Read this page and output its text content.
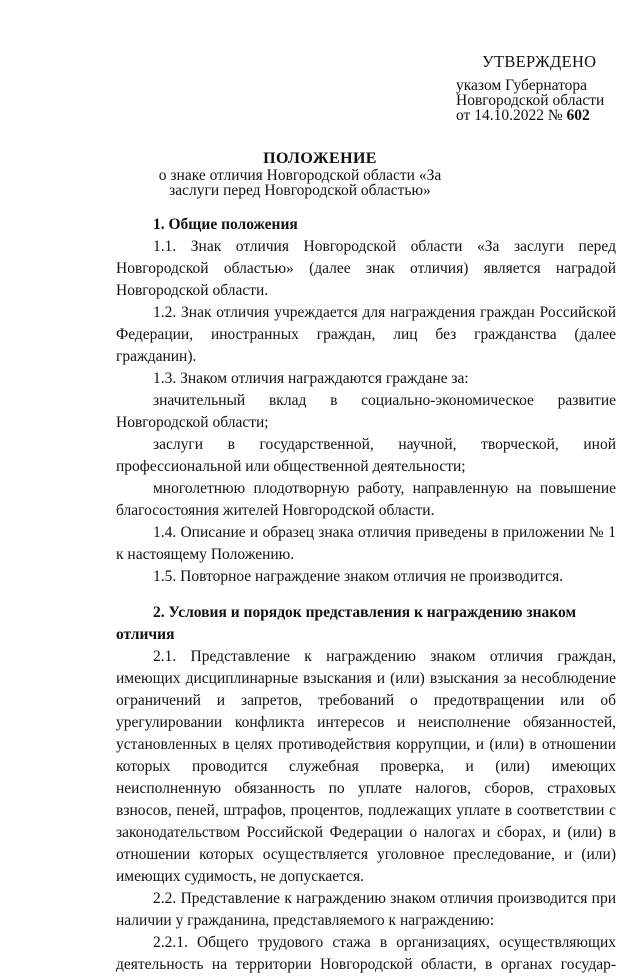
УТВЕРЖДЕНО
указом Губернатора
Новгородской области
от 14.10.2022 № 602
ПОЛОЖЕНИЕ
о знаке отличия Новгородской области «За заслуги перед Новгородской областью»

1. Общие положения

1.1. Знак отличия Новгородской области «За заслуги перед Новгородской областью» (далее знак отличия) является наградой Новгородской области.

1.2. Знак отличия учреждается для награждения граждан Российской Федерации, иностранных граждан, лиц без гражданства (далее гражданин).

1.3. Знаком отличия награждаются граждане за:

значительный вклад в социально-экономическое развитие Новгородской области;

заслуги в государственной, научной, творческой, иной профессиональной или общественной деятельности;

многолетнюю плодотворную работу, направленную на повышение благосостояния жителей Новгородской области.

1.4. Описание и образец знака отличия приведены в приложении № 1 к настоящему Положению.

1.5. Повторное награждение знаком отличия не производится.

2. Условия и порядок представления к награждению знаком отличия

2.1. Представление к награждению знаком отличия граждан, имеющих дисциплинарные взыскания и (или) взыскания за несоблюдение ограничений и запретов, требований о предотвращении или об урегулировании конфликта интересов и неисполнение обязанностей, установленных в целях противодействия коррупции, и (или) в отношении которых проводится служебная проверка, и (или) имеющих неисполненную обязанность по уплате налогов, сборов, страховых взносов, пеней, штрафов, процентов, подлежащих уплате в соответствии с законодательством Российской Федерации о налогах и сборах, и (или) в отношении которых осуществляется уголовное преследование, и (или) имеющих судимость, не допускается.

2.2. Представление к награждению знаком отличия производится при наличии у гражданина, представляемого к награждению:

2.2.1. Общего трудового стажа в организациях, осуществляющих деятельность на территории Новгородской области, в органах государ-
